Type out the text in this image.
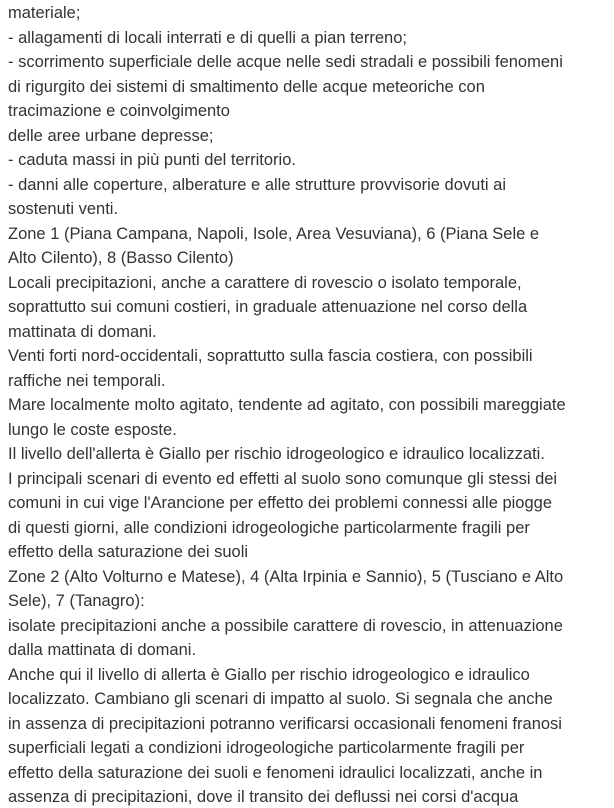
materiale;
- allagamenti di locali interrati e di quelli a pian terreno;
- scorrimento superficiale delle acque nelle sedi stradali e possibili fenomeni
di rigurgito dei sistemi di smaltimento delle acque meteoriche con
tracimazione e coinvolgimento
delle aree urbane depresse;
- caduta massi in più punti del territorio.
- danni alle coperture, alberature e alle strutture provvisorie dovuti ai
sostenuti venti.
Zone 1 (Piana Campana, Napoli, Isole, Area Vesuviana), 6 (Piana Sele e
Alto Cilento), 8 (Basso Cilento)
Locali precipitazioni, anche a carattere di rovescio o isolato temporale,
soprattutto sui comuni costieri, in graduale attenuazione nel corso della
mattinata di domani.
Venti forti nord-occidentali, soprattutto sulla fascia costiera, con possibili
raffiche nei temporali.
Mare localmente molto agitato, tendente ad agitato, con possibili mareggiate
lungo le coste esposte.
Il livello dell'allerta è Giallo per rischio idrogeologico e idraulico localizzati.
I principali scenari di evento ed effetti al suolo sono comunque gli stessi dei
comuni in cui vige l'Arancione per effetto dei problemi connessi alle piogge
di questi giorni, alle condizioni idrogeologiche particolarmente fragili per
effetto della saturazione dei suoli
Zone 2 (Alto Volturno e Matese), 4 (Alta Irpinia e Sannio), 5 (Tusciano e Alto
Sele), 7 (Tanagro):
isolate precipitazioni anche a possibile carattere di rovescio, in attenuazione
dalla mattinata di domani.
Anche qui il livello di allerta è Giallo per rischio idrogeologico e idraulico
localizzato. Cambiano gli scenari di impatto al suolo. Si segnala che anche
in assenza di precipitazioni potranno verificarsi occasionali fenomeni franosi
superficiali legati a condizioni idrogeologiche particolarmente fragili per
effetto della saturazione dei suoli e fenomeni idraulici localizzati, anche in
assenza di precipitazioni, dove il transito dei deflussi nei corsi d'acqua
